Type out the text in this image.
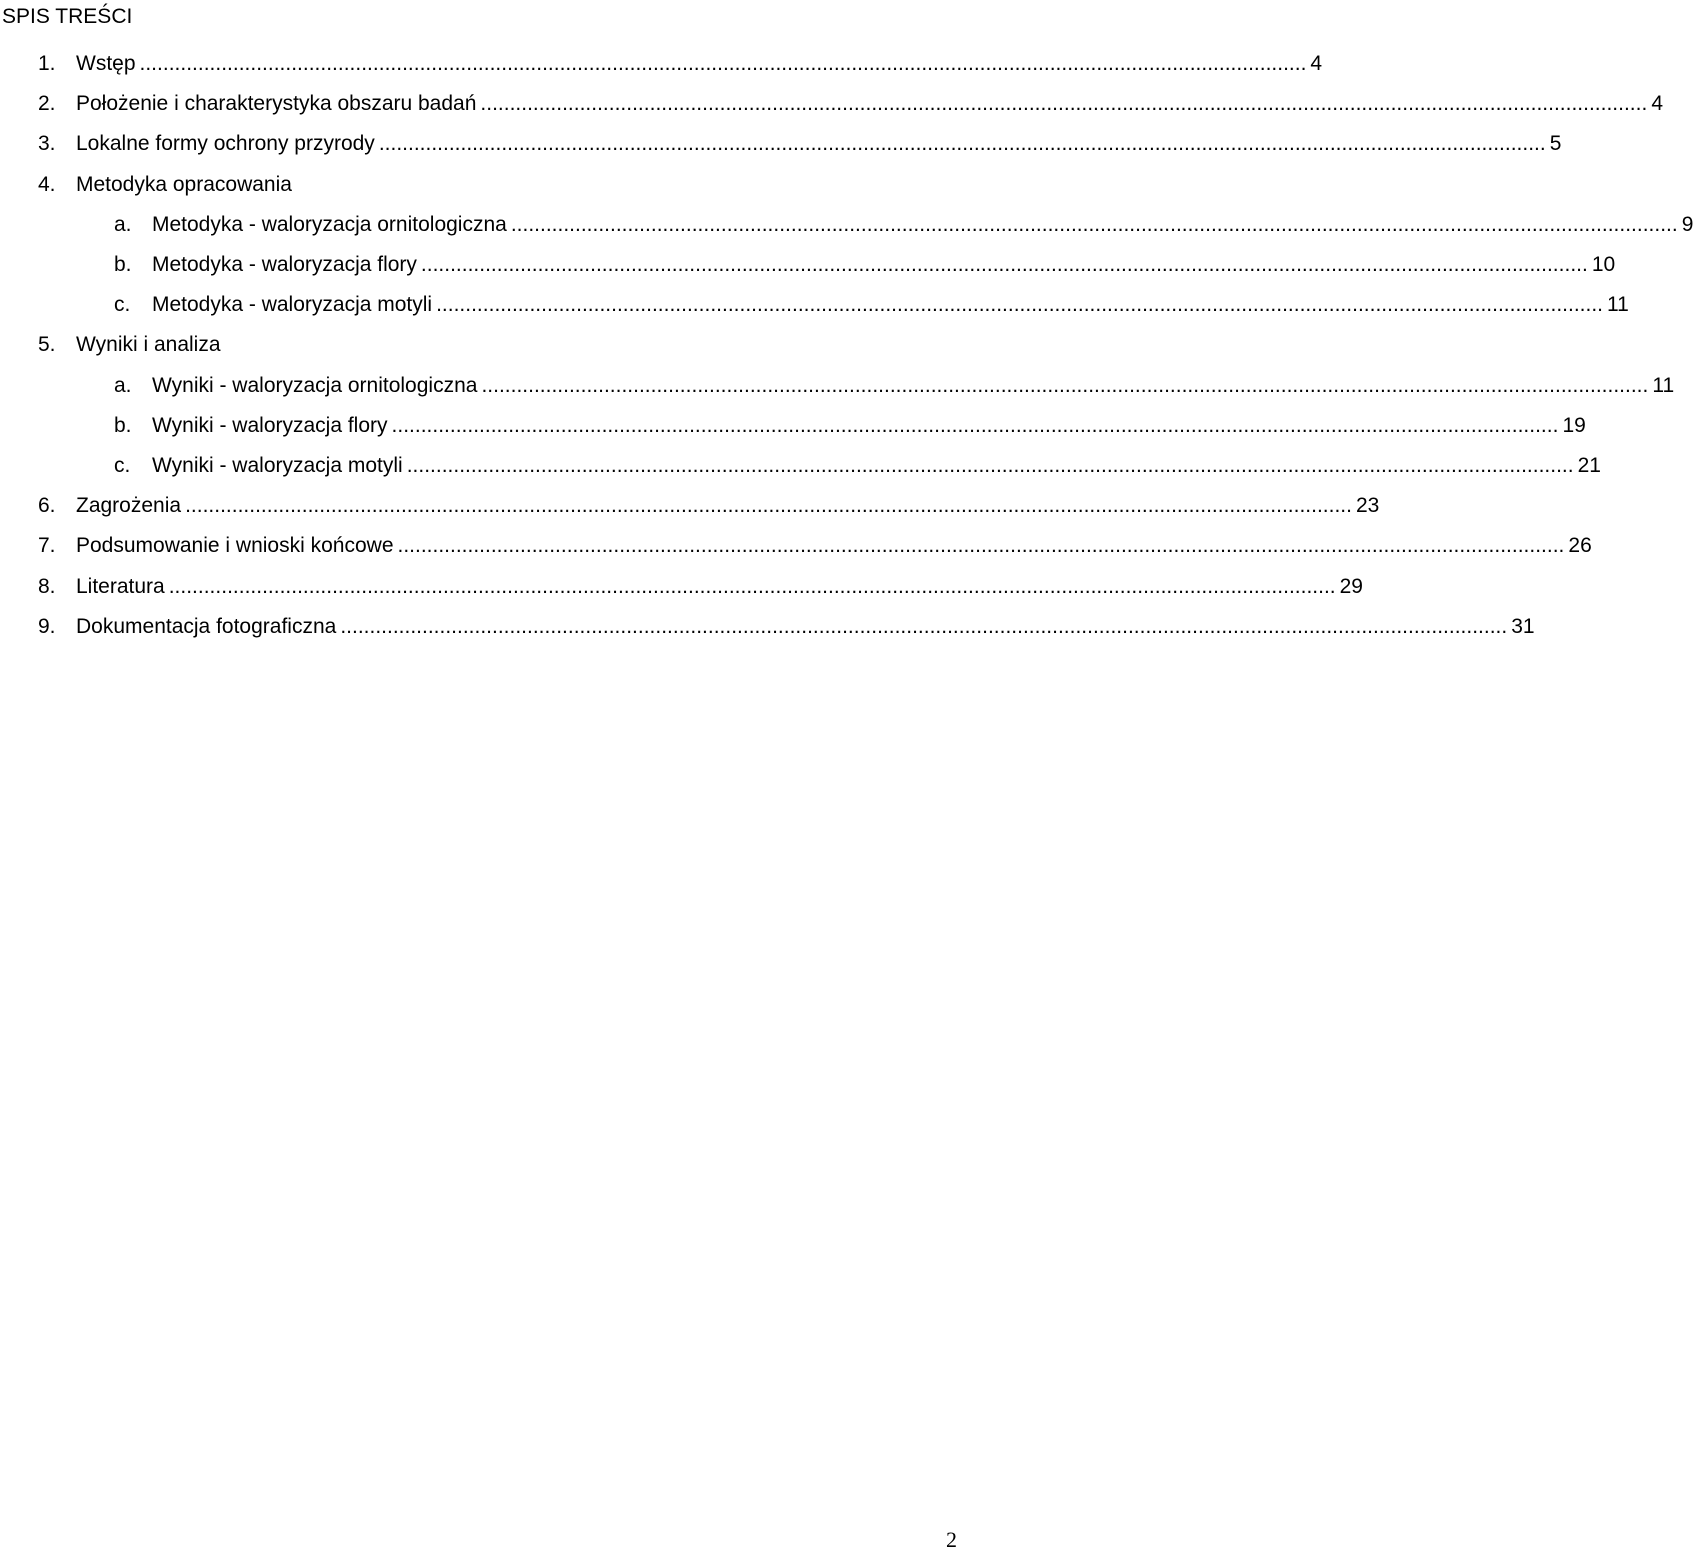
SPIS TREŚCI
1. Wstęp ........................................................................................................................................................................................................ 4
2. Położenie i charakterystyka obszaru badań ........................................................................................................................................................................................................ 4
3. Lokalne formy ochrony przyrody ........................................................................................................................................................................................................ 5
4. Metodyka opracowania
a. Metodyka - waloryzacja ornitologiczna ........................................................................................................................................................................................................ 9
b. Metodyka - waloryzacja flory ........................................................................................................................................................................................................ 10
c. Metodyka - waloryzacja motyli ........................................................................................................................................................................................................ 11
5. Wyniki i analiza
a. Wyniki - waloryzacja ornitologiczna ........................................................................................................................................................................................................ 11
b. Wyniki - waloryzacja flory ........................................................................................................................................................................................................ 19
c. Wyniki - waloryzacja motyli ........................................................................................................................................................................................................ 21
6. Zagrożenia ........................................................................................................................................................................................................ 23
7. Podsumowanie i wnioski końcowe ........................................................................................................................................................................................................ 26
8. Literatura ........................................................................................................................................................................................................ 29
9. Dokumentacja fotograficzna ........................................................................................................................................................................................................ 31
2
